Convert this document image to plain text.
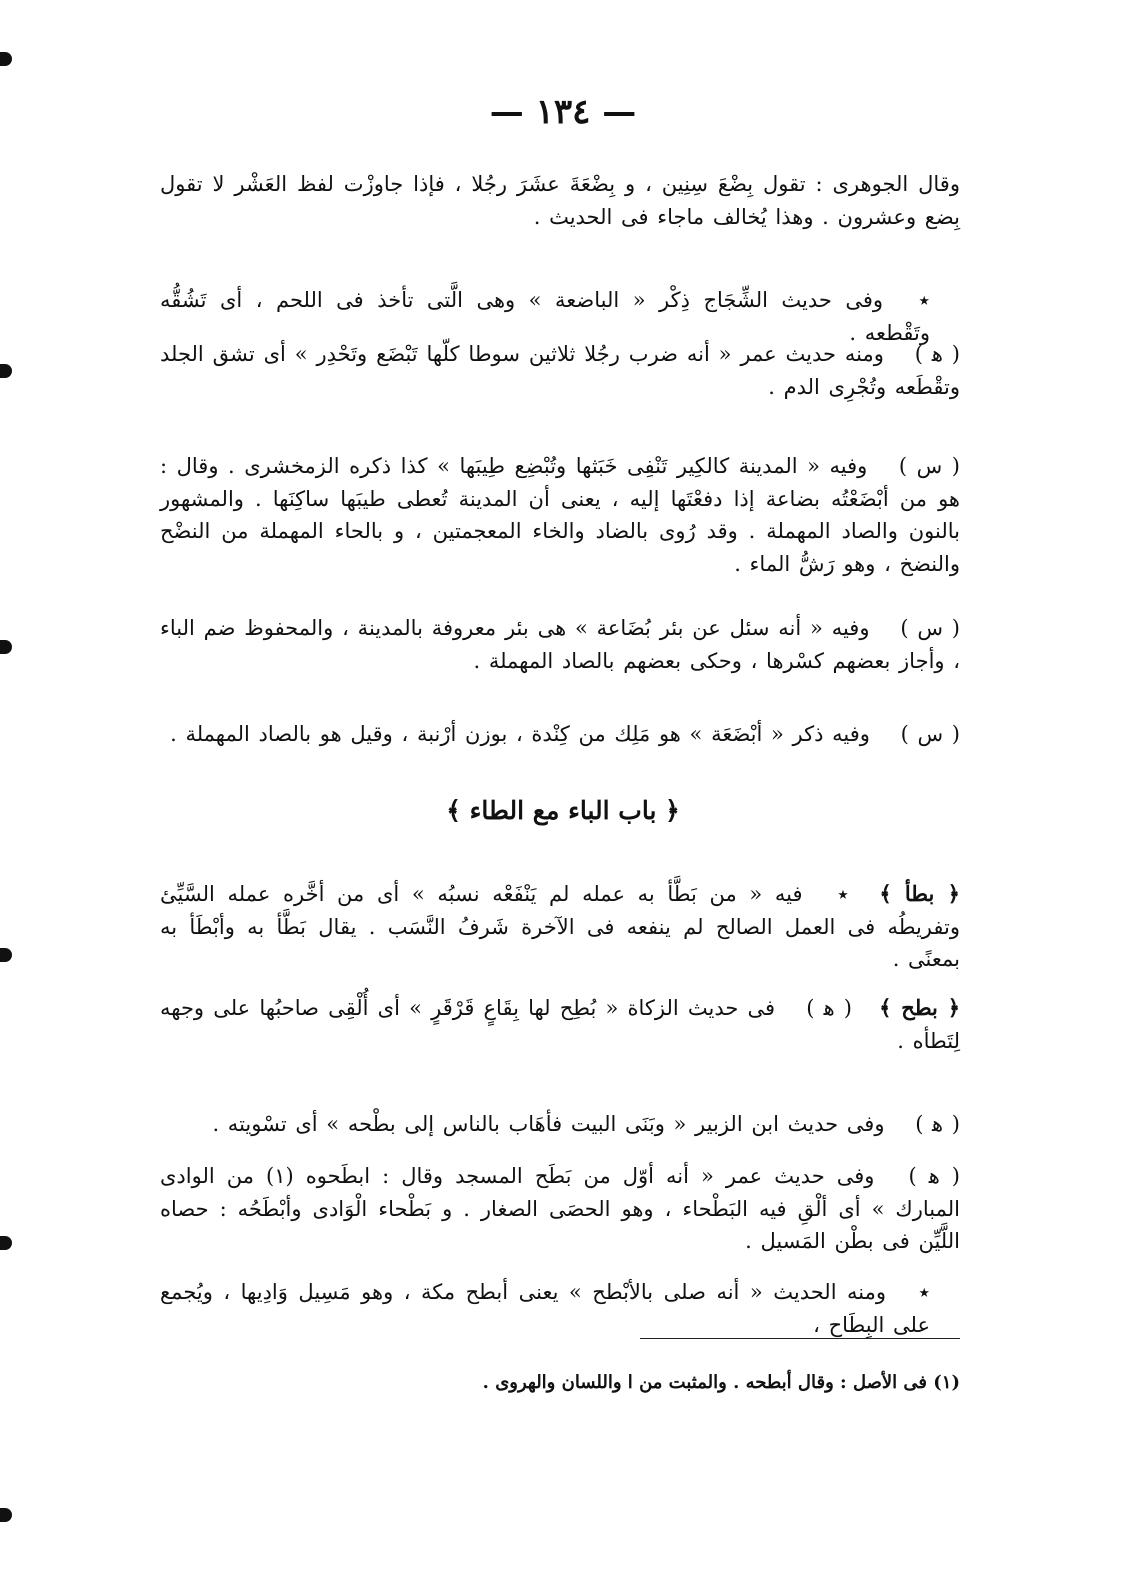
— ١٣٤ —
وقال الجوهرى : تقول بِضْعَ سِنِين ، و بِضْعَةَ عشَرَ رجُلا ، فإذا جاوزْت لفظ العَشْر لا تقول بِضع وعشرون . وهذا يُخالف ماجاء فى الحديث .
٭ وفى حديث الشِّجَاج ذِكْر « الباضعة » وهى الَّتى تأخذ فى اللحم ، أى تَشُقُّه وتَقْطعه .
( ﻫ ) ومنه حديث عمر « أنه ضرب رجُلا ثلاثين سوطا كلّها تَبْضَع وتَحْدِر » أى تشق الجلد وتقْطَعه وتُجْرِى الدم .
( س ) وفيه « المدينة كالكِير تَنْفِى خَبَثها وتُبْضِع طِيبَها » كذا ذكره الزمخشرى . وقال : هو من أبْضَعْتُه بضاعة إذا دفعْتَها إليه ، يعنى أن المدينة تُعطى طيبَها ساكِنَها . والمشهور بالنون والصاد المهملة . وقد رُوى بالضاد والخاء المعجمتين ، و بالحاء المهملة من النضْح والنضخ ، وهو رَشُّ الماء .
( س ) وفيه « أنه سئل عن بئر بُضَاعة » هى بئر معروفة بالمدينة ، والمحفوظ ضم الباء ، وأجاز بعضهم كسْرها ، وحكى بعضهم بالصاد المهملة .
( س ) وفيه ذكر « أبْضَعَة » هو مَلِك من كِنْدة ، بوزن أرْنبة ، وقيل هو بالصاد المهملة .
﴿ باب الباء مع الطاء ﴾
﴿ بطأ ﴾ ٭ فيه « من بَطَّأ به عمله لم يَنْفَعْه نسبُه » أى من أخَّره عمله السَّيِّئ وتفريطُه فى العمل الصالح لم ينفعه فى الآخرة شَرفُ النَّسَب . يقال بَطَّأ به وأبْطَأ به بمعنًى .
﴿ بطح ﴾ ( ﻫ ) فى حديث الزكاة « بُطِح لها بِقَاعٍ قَرْقَرٍ » أى أُلْقِى صاحبُها على وجهه لِتَطأه .
( ﻫ ) وفى حديث ابن الزبير « وبَنَى البيت فأهَاب بالناس إلى بطْحه » أى تسْويته .
( ﻫ ) وفى حديث عمر « أنه أوّل من بَطَح المسجد وقال : ابطَحوه (١) من الوادى المبارك » أى ألْقِ فيه البَطْحاء ، وهو الحصَى الصغار . و بَطْحاء الْوَادى وأبْطَحُه : حصاه اللَّيِّن فى بطْن المَسيل .
٭ ومنه الحديث « أنه صلى بالأبْطح » يعنى أبطح مكة ، وهو مَسِيل وَادِيها ، ويُجمع على البِطَاح ،
(١) فى الأصل : وقال أبطحه . والمثبت من ا واللسان والهروى .
